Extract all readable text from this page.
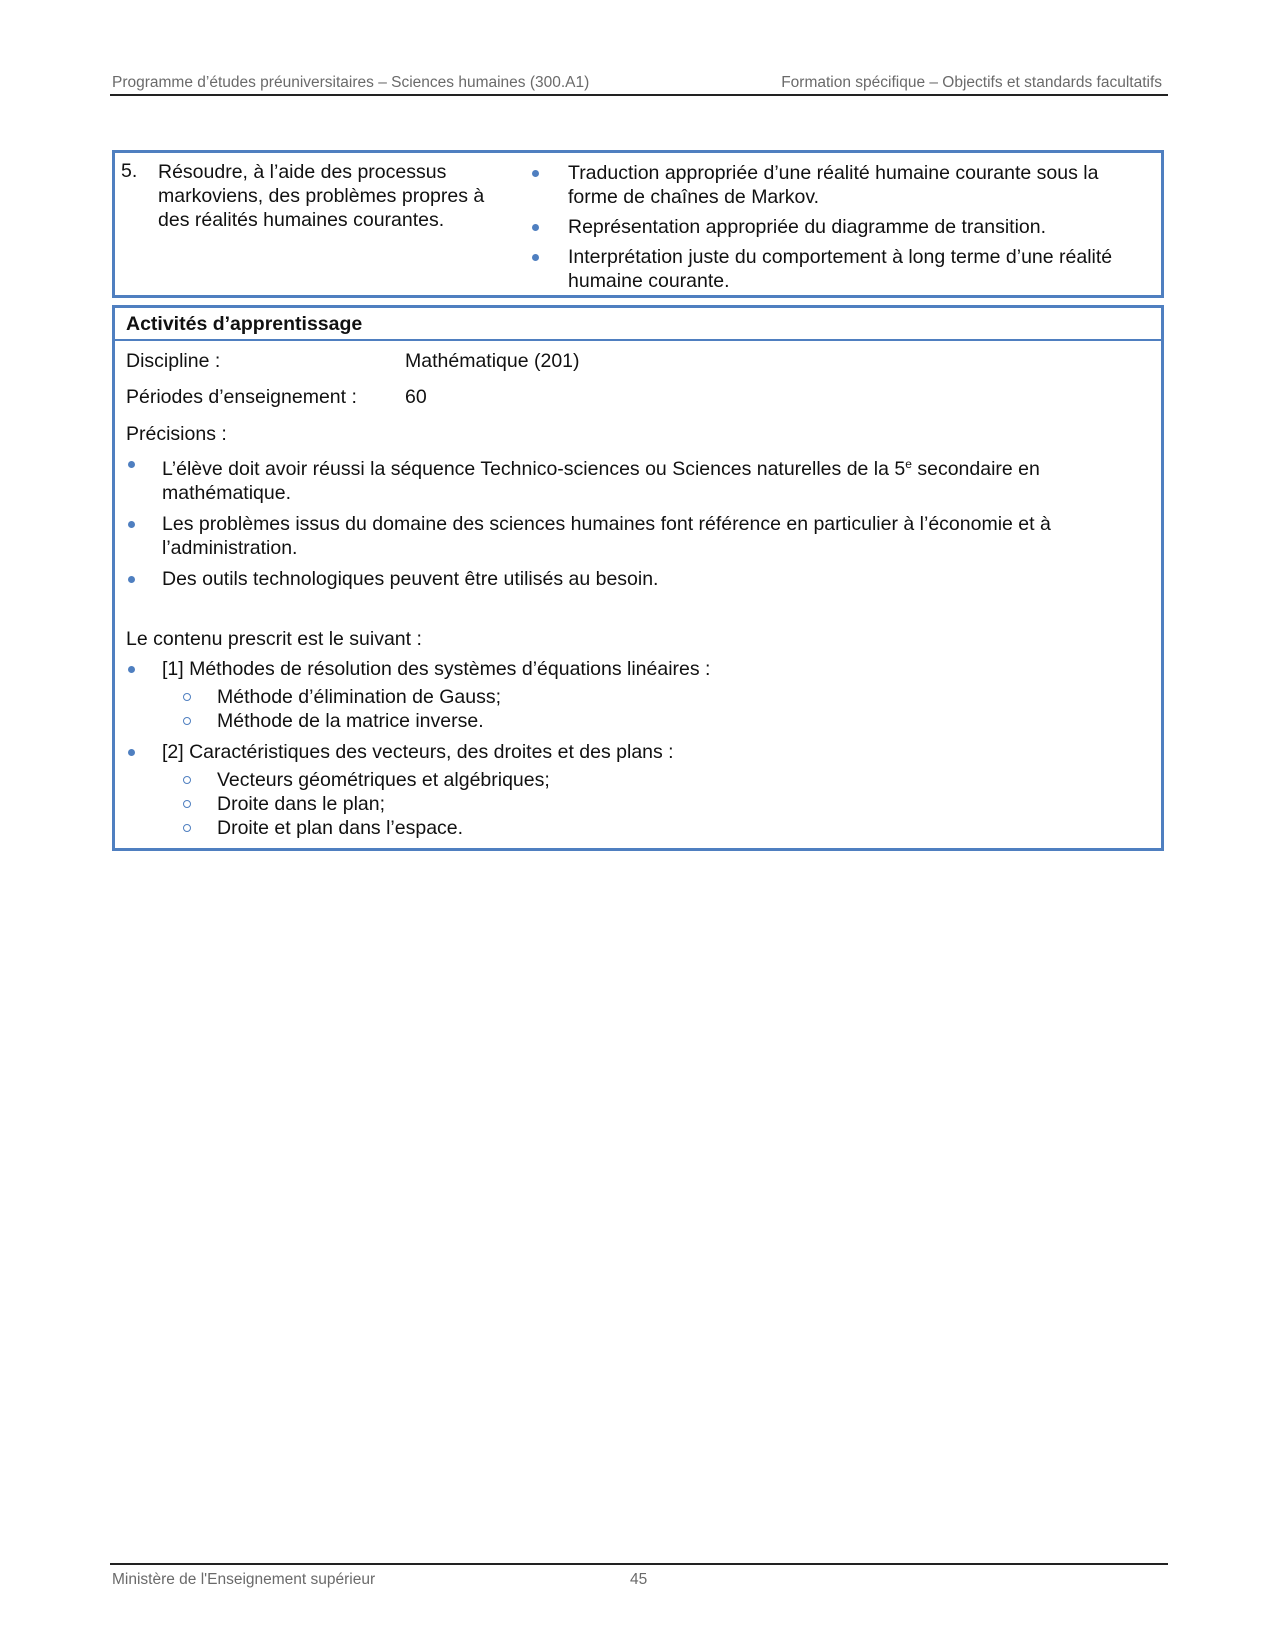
Programme d’études préuniversitaires – Sciences humaines (300.A1)	Formation spécifique – Objectifs et standards facultatifs
5. Résoudre, à l’aide des processus markoviens, des problèmes propres à des réalités humaines courantes.
Traduction appropriée d’une réalité humaine courante sous la forme de chaînes de Markov.
Représentation appropriée du diagramme de transition.
Interprétation juste du comportement à long terme d’une réalité humaine courante.
Activités d’apprentissage
Discipline :	Mathématique (201)
Périodes d’enseignement : 60
Précisions :
L’élève doit avoir réussi la séquence Technico-sciences ou Sciences naturelles de la 5e secondaire en mathématique.
Les problèmes issus du domaine des sciences humaines font référence en particulier à l’économie et à l’administration.
Des outils technologiques peuvent être utilisés au besoin.
Le contenu prescrit est le suivant :
[1] Méthodes de résolution des systèmes d’équations linéaires :
Méthode d’élimination de Gauss;
Méthode de la matrice inverse.
[2] Caractéristiques des vecteurs, des droites et des plans :
Vecteurs géométriques et algébriques;
Droite dans le plan;
Droite et plan dans l’espace.
Ministère de l'Enseignement supérieur	45
